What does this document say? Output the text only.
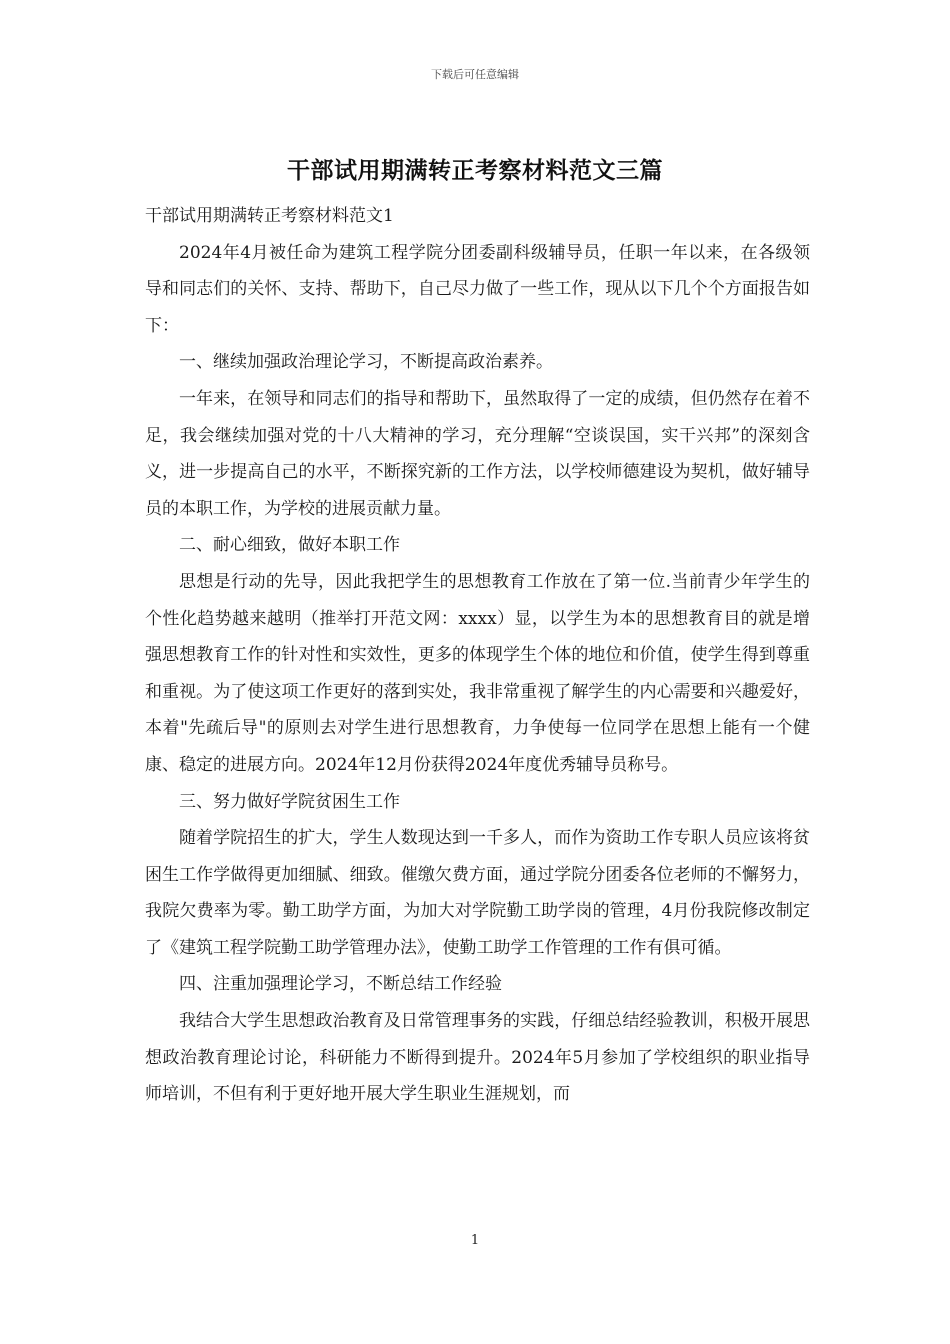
下载后可任意编辑
干部试用期满转正考察材料范文三篇

干部试用期满转正考察材料范文1

2024年4月被任命为建筑工程学院分团委副科级辅导员，任职一年以来，在各级领导和同志们的关怀、支持、帮助下，自己尽力做了一些工作，现从以下几个个方面报告如下：

一、继续加强政治理论学习，不断提高政治素养。

一年来，在领导和同志们的指导和帮助下，虽然取得了一定的成绩，但仍然存在着不足，我会继续加强对党的十八大精神的学习，充分理解“空谈误国，实干兴邦”的深刻含义，进一步提高自己的水平，不断探究新的工作方法，以学校师德建设为契机，做好辅导员的本职工作，为学校的进展贡献力量。

二、耐心细致，做好本职工作

思想是行动的先导，因此我把学生的思想教育工作放在了第一位.当前青少年学生的个性化趋势越来越明（推举打开范文网：xxxx）显，以学生为本的思想教育目的就是增强思想教育工作的针对性和实效性，更多的体现学生个体的地位和价值，使学生得到尊重和重视。为了使这项工作更好的落到实处，我非常重视了解学生的内心需要和兴趣爱好，本着"先疏后导"的原则去对学生进行思想教育，力争使每一位同学在思想上能有一个健康、稳定的进展方向。2024年12月份获得2024年度优秀辅导员称号。

三、努力做好学院贫困生工作

随着学院招生的扩大，学生人数现达到一千多人，而作为资助工作专职人员应该将贫困生工作学做得更加细腻、细致。催缴欠费方面，通过学院分团委各位老师的不懈努力，我院欠费率为零。勤工助学方面，为加大对学院勤工助学岗的管理，4月份我院修改制定了《建筑工程学院勤工助学管理办法》，使勤工助学工作管理的工作有俱可循。

四、注重加强理论学习，不断总结工作经验

我结合大学生思想政治教育及日常管理事务的实践，仔细总结经验教训，积极开展思想政治教育理论讨论，科研能力不断得到提升。2024年5月参加了学校组织的职业指导师培训，不但有利于更好地开展大学生职业生涯规划，而

1
